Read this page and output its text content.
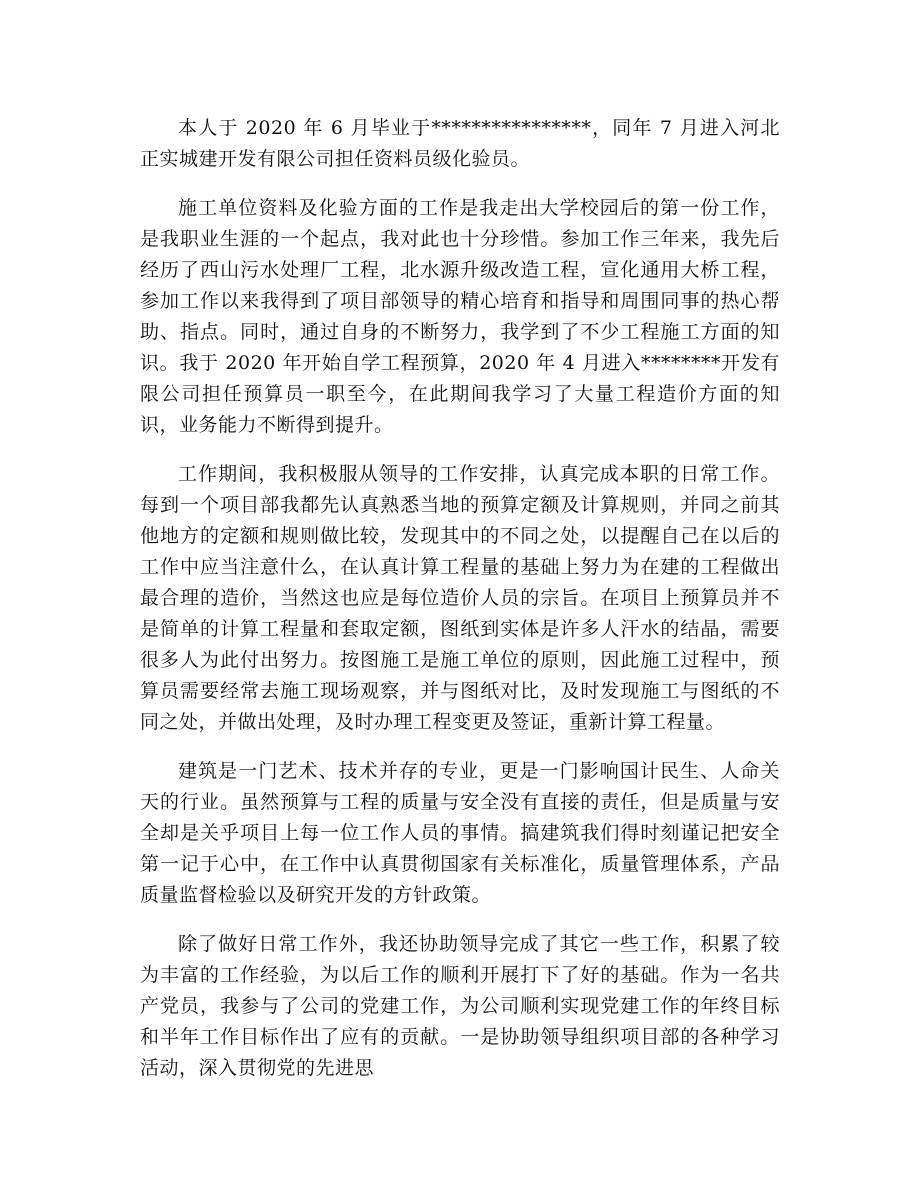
本人于 2020 年 6 月毕业于****************，同年 7 月进入河北正实城建开发有限公司担任资料员级化验员。

施工单位资料及化验方面的工作是我走出大学校园后的第一份工作，是我职业生涯的一个起点，我对此也十分珍惜。参加工作三年来，我先后经历了西山污水处理厂工程，北水源升级改造工程，宣化通用大桥工程，参加工作以来我得到了项目部领导的精心培育和指导和周围同事的热心帮助、指点。同时，通过自身的不断努力，我学到了不少工程施工方面的知识。我于 2020 年开始自学工程预算，2020 年 4 月进入********开发有限公司担任预算员一职至今，在此期间我学习了大量工程造价方面的知识，业务能力不断得到提升。

工作期间，我积极服从领导的工作安排，认真完成本职的日常工作。每到一个项目部我都先认真熟悉当地的预算定额及计算规则，并同之前其他地方的定额和规则做比较，发现其中的不同之处，以提醒自己在以后的工作中应当注意什么，在认真计算工程量的基础上努力为在建的工程做出最合理的造价，当然这也应是每位造价人员的宗旨。在项目上预算员并不是简单的计算工程量和套取定额，图纸到实体是许多人汗水的结晶，需要很多人为此付出努力。按图施工是施工单位的原则，因此施工过程中，预算员需要经常去施工现场观察，并与图纸对比，及时发现施工与图纸的不同之处，并做出处理，及时办理工程变更及签证，重新计算工程量。

建筑是一门艺术、技术并存的专业，更是一门影响国计民生、人命关天的行业。虽然预算与工程的质量与安全没有直接的责任，但是质量与安全却是关乎项目上每一位工作人员的事情。搞建筑我们得时刻谨记把安全第一记于心中，在工作中认真贯彻国家有关标准化，质量管理体系，产品质量监督检验以及研究开发的方针政策。

除了做好日常工作外，我还协助领导完成了其它一些工作，积累了较为丰富的工作经验，为以后工作的顺利开展打下了好的基础。作为一名共产党员，我参与了公司的党建工作，为公司顺利实现党建工作的年终目标和半年工作目标作出了应有的贡献。一是协助领导组织项目部的各种学习活动，深入贯彻党的先进思
